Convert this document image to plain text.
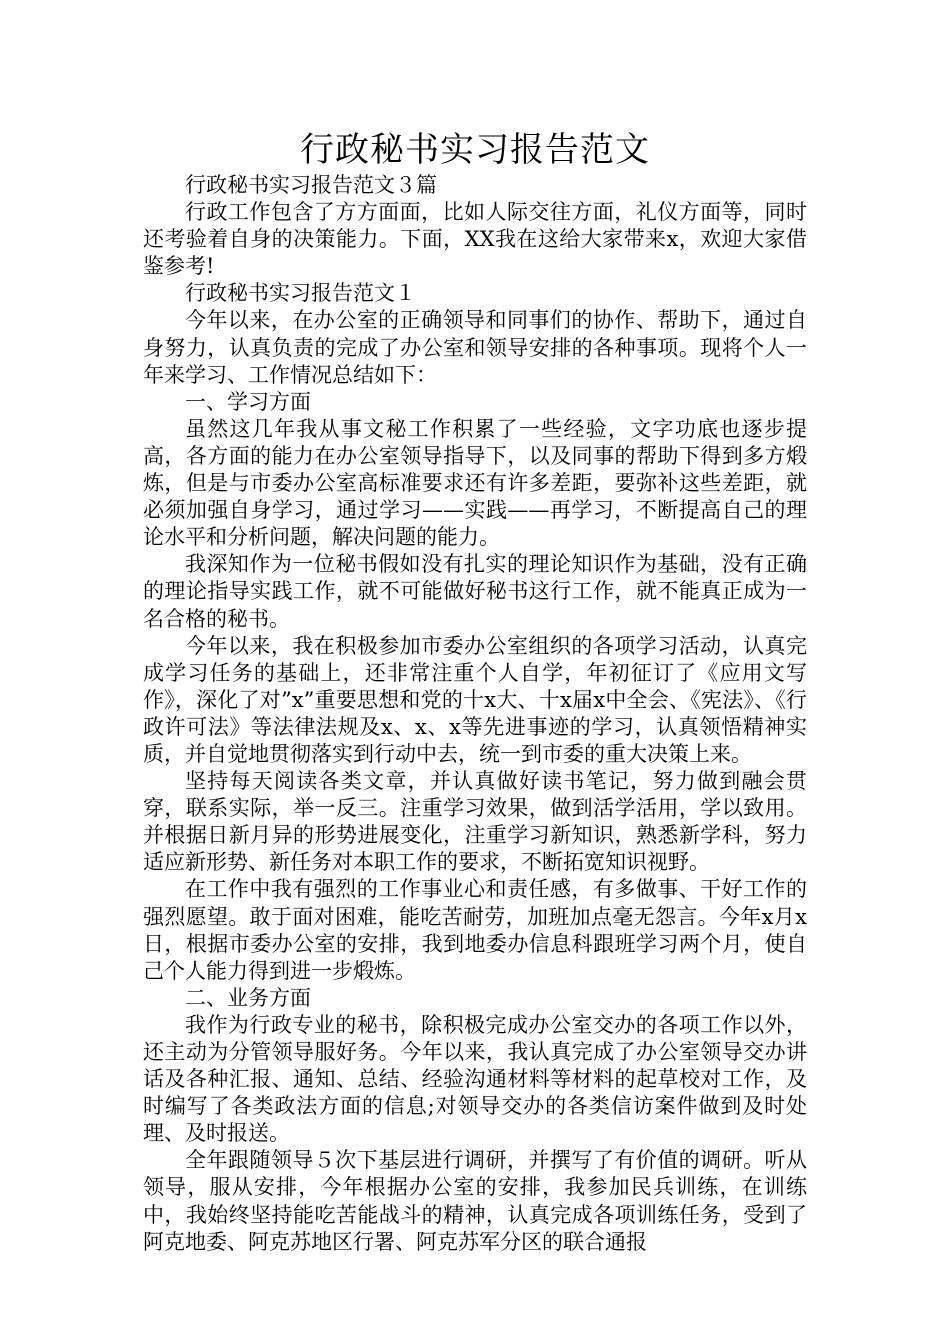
行政秘书实习报告范文

行政秘书实习报告范文３篇

行政工作包含了方方面面，比如人际交往方面，礼仪方面等，同时还考验着自身的决策能力。下面，XX我在这给大家带来x，欢迎大家借鉴参考!

行政秘书实习报告范文１

今年以来，在办公室的正确领导和同事们的协作、帮助下，通过自身努力，认真负责的完成了办公室和领导安排的各种事项。现将个人一年来学习、工作情况总结如下：

一、学习方面

虽然这几年我从事文秘工作积累了一些经验，文字功底也逐步提高，各方面的能力在办公室领导指导下，以及同事的帮助下得到多方煅炼，但是与市委办公室高标准要求还有许多差距，要弥补这些差距，就必须加强自身学习，通过学习——实践——再学习，不断提高自己的理论水平和分析问题，解决问题的能力。

我深知作为一位秘书假如没有扎实的理论知识作为基础，没有正确的理论指导实践工作，就不可能做好秘书这行工作，就不能真正成为一名合格的秘书。

今年以来，我在积极参加市委办公室组织的各项学习活动，认真完成学习任务的基础上，还非常注重个人自学，年初征订了《应用文写作》，深化了对”x”重要思想和党的十x大、十x届x中全会、《宪法》、《行政许可法》等法律法规及x、x、x等先进事迹的学习，认真领悟精神实质，并自觉地贯彻落实到行动中去，统一到市委的重大决策上来。

坚持每天阅读各类文章，并认真做好读书笔记，努力做到融会贯穿，联系实际，举一反三。注重学习效果，做到活学活用，学以致用。并根据日新月异的形势进展变化，注重学习新知识，熟悉新学科，努力适应新形势、新任务对本职工作的要求，不断拓宽知识视野。

在工作中我有强烈的工作事业心和责任感，有多做事、干好工作的强烈愿望。敢于面对困难，能吃苦耐劳，加班加点毫无怨言。今年x月x日，根据市委办公室的安排，我到地委办信息科跟班学习两个月，使自己个人能力得到进一步煅炼。

二、业务方面

我作为行政专业的秘书，除积极完成办公室交办的各项工作以外，还主动为分管领导服好务。今年以来，我认真完成了办公室领导交办讲话及各种汇报、通知、总结、经验沟通材料等材料的起草校对工作，及时编写了各类政法方面的信息;对领导交办的各类信访案件做到及时处理、及时报送。

全年跟随领导５次下基层进行调研，并撰写了有价值的调研。听从领导，服从安排，今年根据办公室的安排，我参加民兵训练，在训练中，我始终坚持能吃苦能战斗的精神，认真完成各项训练任务，受到了阿克地委、阿克苏地区行署、阿克苏军分区的联合通报
